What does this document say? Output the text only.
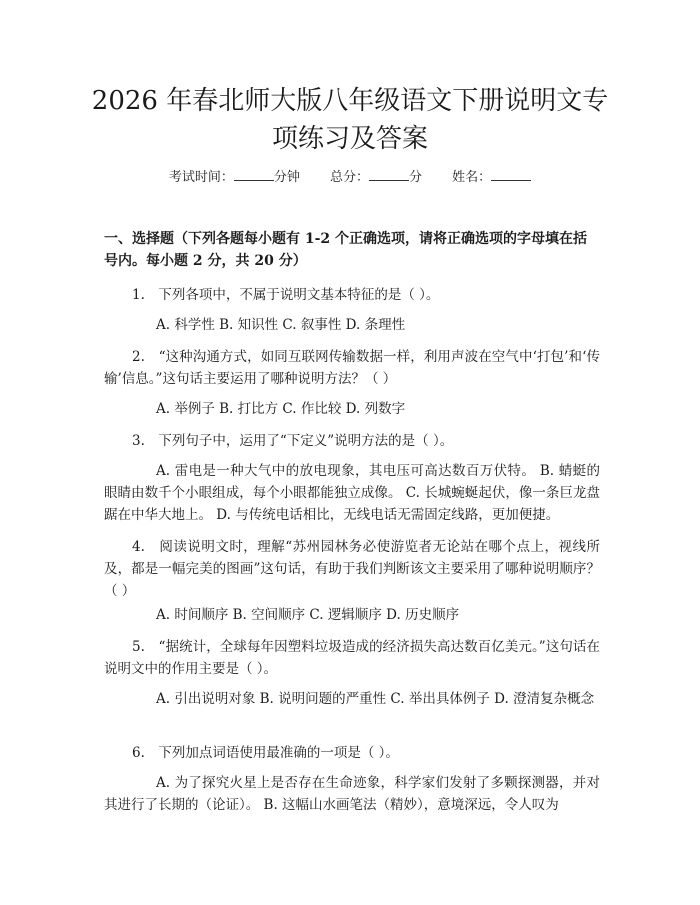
2026 年春北师大版八年级语文下册说明文专项练习及答案
考试时间：	分钟 总分：	分 姓名：

一、选择题（下列各题每小题有 1-2 个正确选项，请将正确选项的字母填在括号内。每小题 2 分，共 20 分）

1.　下列各项中，不属于说明文基本特征的是（ ）。

A. 科学性 B. 知识性 C. 叙事性 D. 条理性

2.　“这种沟通方式，如同互联网传输数据一样，利用声波在空气中‘打包’和‘传输’信息。”这句话主要运用了哪种说明方法？（ ）

A. 举例子 B. 打比方 C. 作比较 D. 列数字

3.　下列句子中，运用了“下定义”说明方法的是（ ）。

A. 雷电是一种大气中的放电现象，其电压可高达数百万伏特。 B. 蜻蜓的眼睛由数千个小眼组成，每个小眼都能独立成像。 C. 长城蜿蜒起伏，像一条巨龙盘踞在中华大地上。 D. 与传统电话相比，无线电话无需固定线路，更加便捷。

4.　阅读说明文时，理解“苏州园林务必使游览者无论站在哪个点上，视线所及，都是一幅完美的图画”这句话，有助于我们判断该文主要采用了哪种说明顺序？（ ）

A. 时间顺序 B. 空间顺序 C. 逻辑顺序 D. 历史顺序

5.　“据统计，全球每年因塑料垃圾造成的经济损失高达数百亿美元。”这句话在说明文中的作用主要是（ ）。

A. 引出说明对象 B. 说明问题的严重性 C. 举出具体例子 D. 澄清复杂概念

6.　下列加点词语使用最准确的一项是（ ）。

A. 为了探究火星上是否存在生命迹象，科学家们发射了多颗探测器，并对其进行了长期的（论证）。 B. 这幅山水画笔法（精妙），意境深远，令人叹为
